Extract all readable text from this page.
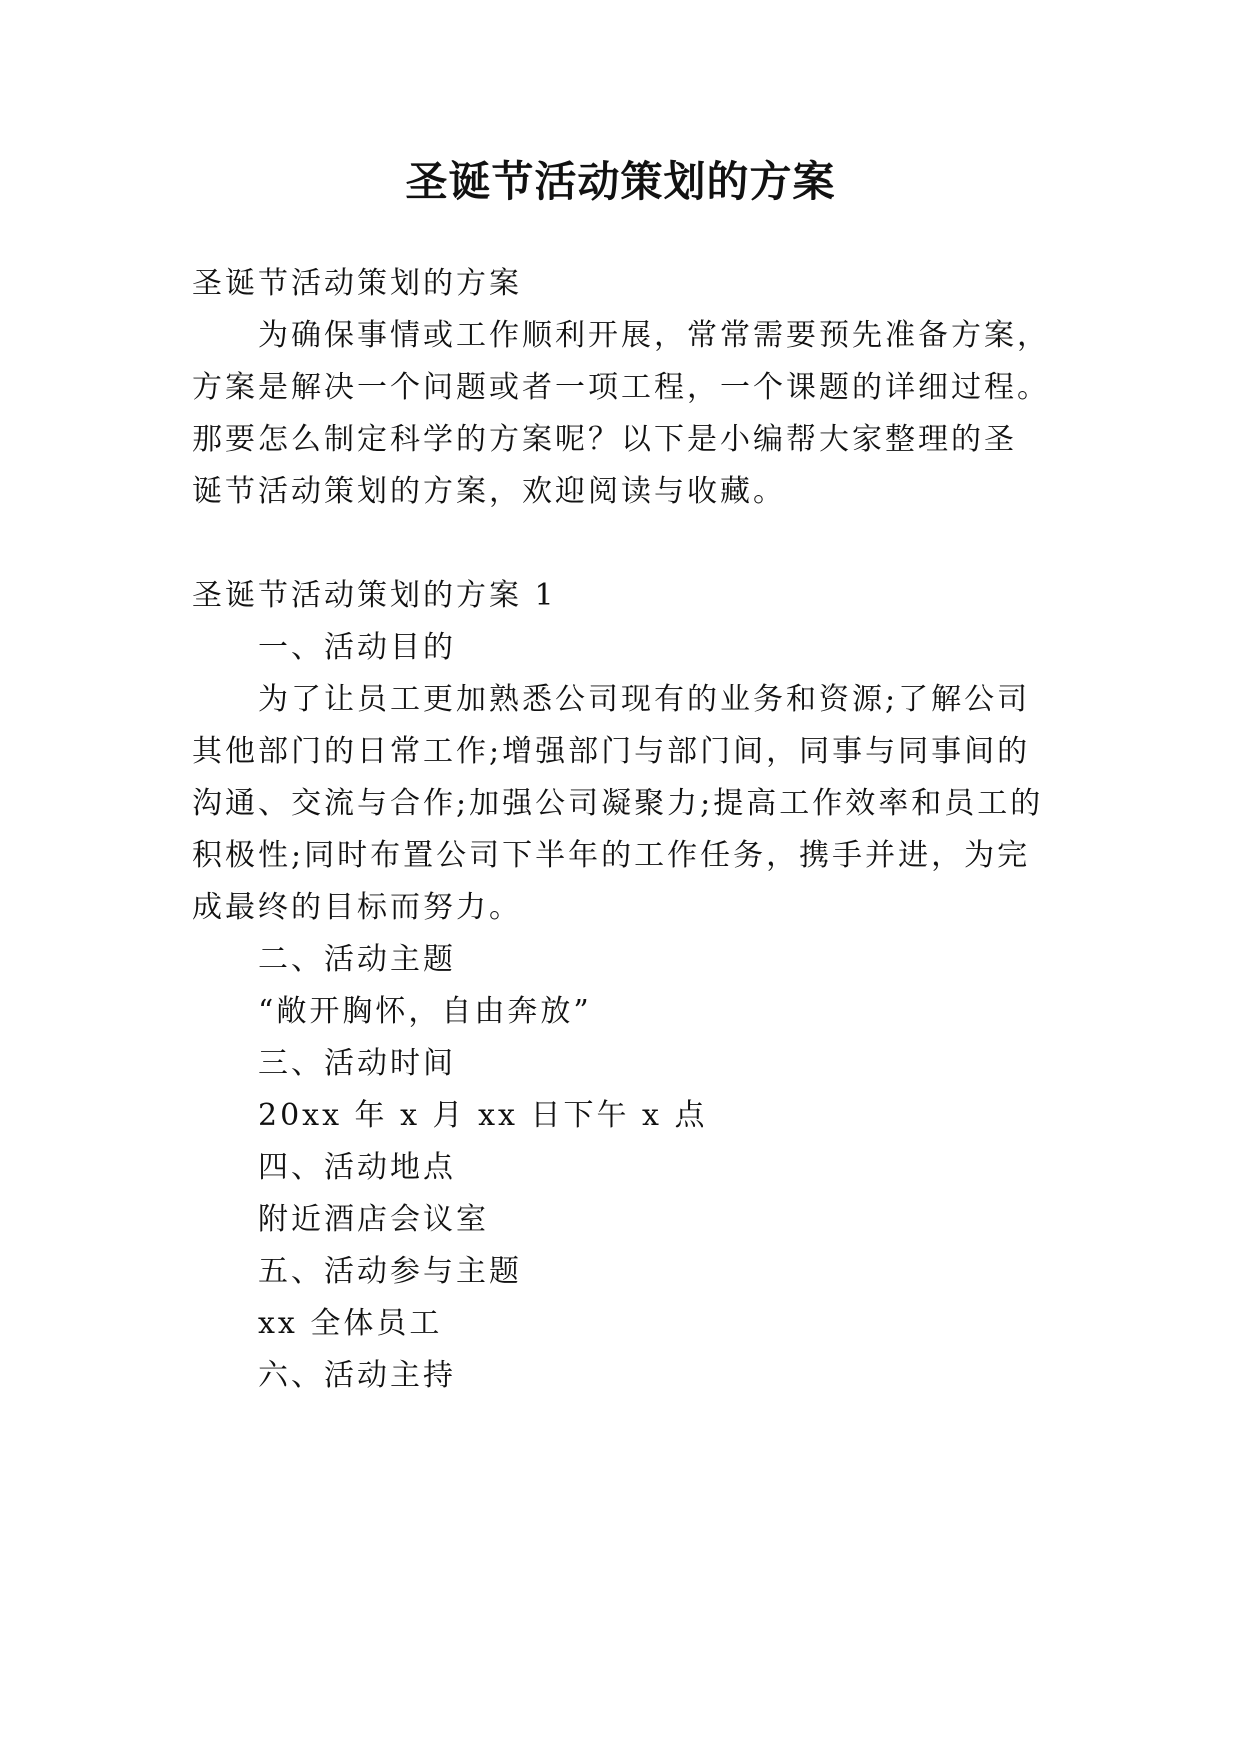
圣诞节活动策划的方案

圣诞节活动策划的方案

为确保事情或工作顺利开展，常常需要预先准备方案，

方案是解决一个问题或者一项工程，一个课题的详细过程。

那要怎么制定科学的方案呢？以下是小编帮大家整理的圣

诞节活动策划的方案，欢迎阅读与收藏。

圣诞节活动策划的方案 1

一、活动目的

为了让员工更加熟悉公司现有的业务和资源;了解公司

其他部门的日常工作;增强部门与部门间，同事与同事间的

沟通、交流与合作;加强公司凝聚力;提高工作效率和员工的

积极性;同时布置公司下半年的工作任务，携手并进，为完

成最终的目标而努力。

二、活动主题

“敞开胸怀，自由奔放”

三、活动时间

20xx 年 x 月 xx 日下午 x 点

四、活动地点

附近酒店会议室

五、活动参与主题

xx 全体员工

六、活动主持
